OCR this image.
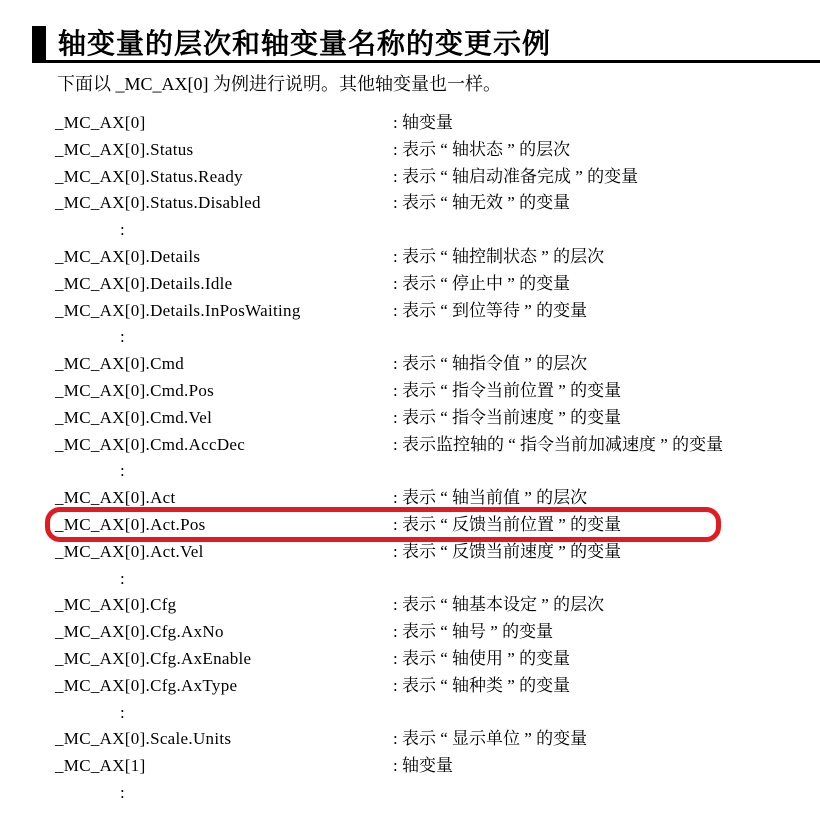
轴变量的层次和轴变量名称的变更示例

下面以 _MC_AX[0] 为例进行说明。其他轴变量也一样。

_MC_AX[0]	: 轴变量
_MC_AX[0].Status	: 表示 “ 轴状态 ” 的层次
_MC_AX[0].Status.Ready	: 表示 “ 轴启动准备完成 ” 的变量
_MC_AX[0].Status.Disabled	: 表示 “ 轴无效 ” 的变量
:
_MC_AX[0].Details	: 表示 “ 轴控制状态 ” 的层次
_MC_AX[0].Details.Idle	: 表示 “ 停止中 ” 的变量
_MC_AX[0].Details.InPosWaiting	: 表示 “ 到位等待 ” 的变量
:
_MC_AX[0].Cmd	: 表示 “ 轴指令值 ” 的层次
_MC_AX[0].Cmd.Pos	: 表示 “ 指令当前位置 ” 的变量
_MC_AX[0].Cmd.Vel	: 表示 “ 指令当前速度 ” 的变量
_MC_AX[0].Cmd.AccDec	: 表示监控轴的 “ 指令当前加减速度 ” 的变量
:
_MC_AX[0].Act	: 表示 “ 轴当前值 ” 的层次
_MC_AX[0].Act.Pos	: 表示 “ 反馈当前位置 ” 的变量
_MC_AX[0].Act.Vel	: 表示 “ 反馈当前速度 ” 的变量
:
_MC_AX[0].Cfg	: 表示 “ 轴基本设定 ” 的层次
_MC_AX[0].Cfg.AxNo	: 表示 “ 轴号 ” 的变量
_MC_AX[0].Cfg.AxEnable	: 表示 “ 轴使用 ” 的变量
_MC_AX[0].Cfg.AxType	: 表示 “ 轴种类 ” 的变量
:
_MC_AX[0].Scale.Units	: 表示 “ 显示单位 ” 的变量
_MC_AX[1]	: 轴变量
:
